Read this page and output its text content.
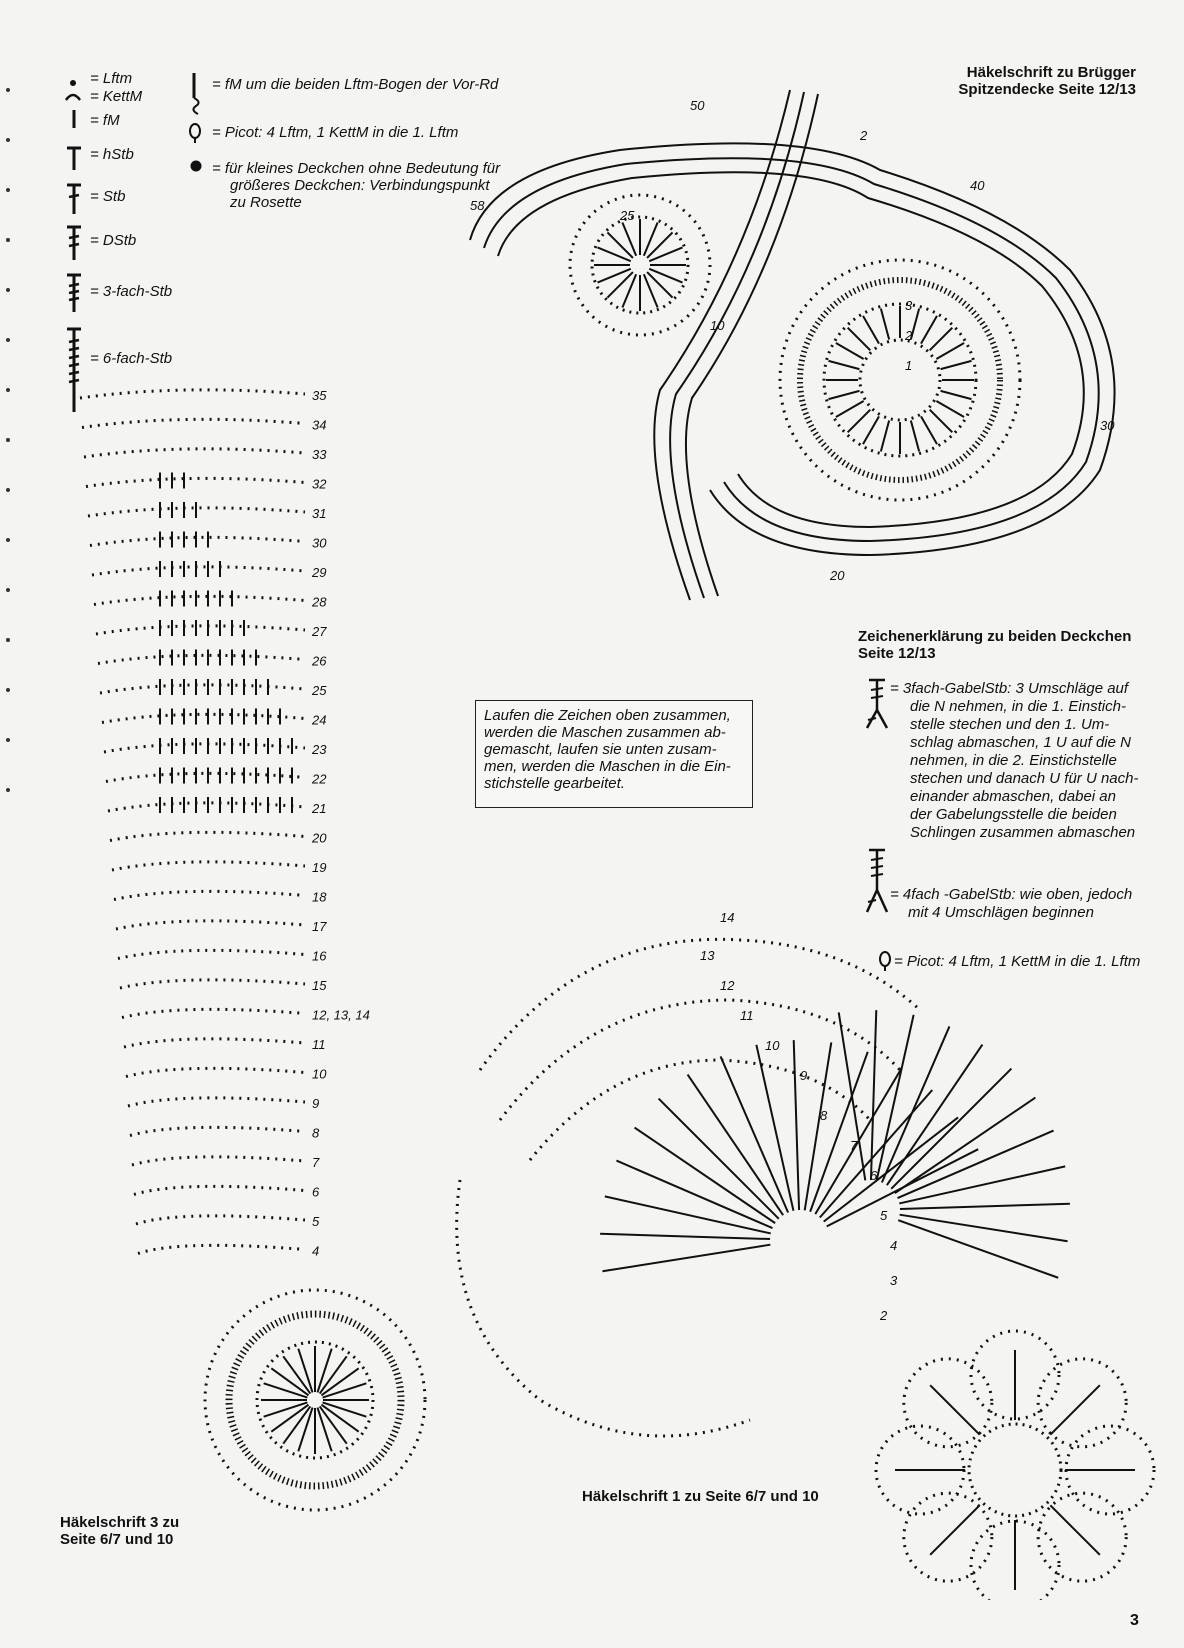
= Lftm
= KettM
= fM
= hStb
= Stb
= DStb
= 3-fach-Stb
= 6-fach-Stb
= fM um die beiden Lftm-Bogen der Vor-Rd
= Picot: 4 Lftm, 1 KettM in die 1. Lftm
= für kleines Deckchen ohne Bedeutung für
größeres Deckchen: Verbindungspunkt
zu Rosette
Häkelschrift zu Brügger
Spitzendecke Seite 12/13
50
58
10
2
40
20
30
3
2
1
25
Zeichenerklärung zu beiden Deckchen
Seite 12/13
= 3fach-GabelStb: 3 Umschläge auf
die N nehmen, in die 1. Einstich-
stelle stechen und den 1. Um-
schlag abmaschen, 1 U auf die N
nehmen, in die 2. Einstichstelle
stechen und danach U für U nach-
einander abmaschen, dabei an
der Gabelungsstelle die beiden
Schlingen zusammen abmaschen
= 4fach -GabelStb: wie oben, jedoch
mit 4 Umschlägen beginnen
= Picot: 4 Lftm, 1 KettM in die 1. Lftm
Laufen die Zeichen oben zusammen,
werden die Maschen zusammen ab-
gemascht, laufen sie unten zusam-
men, werden die Maschen in die Ein-
stichstelle gearbeitet.
35
34
33
32
31
30
29
28
27
26
25
24
23
22
21
20
19
18
17
16
15
12, 13, 14
11
10
9
8
7
6
5
4
Häkelschrift 3 zu
Seite 6/7 und 10
14
13
12
11
10
9
8
7
6
5
4
3
2
Häkelschrift 1 zu Seite 6/7 und 10
3
